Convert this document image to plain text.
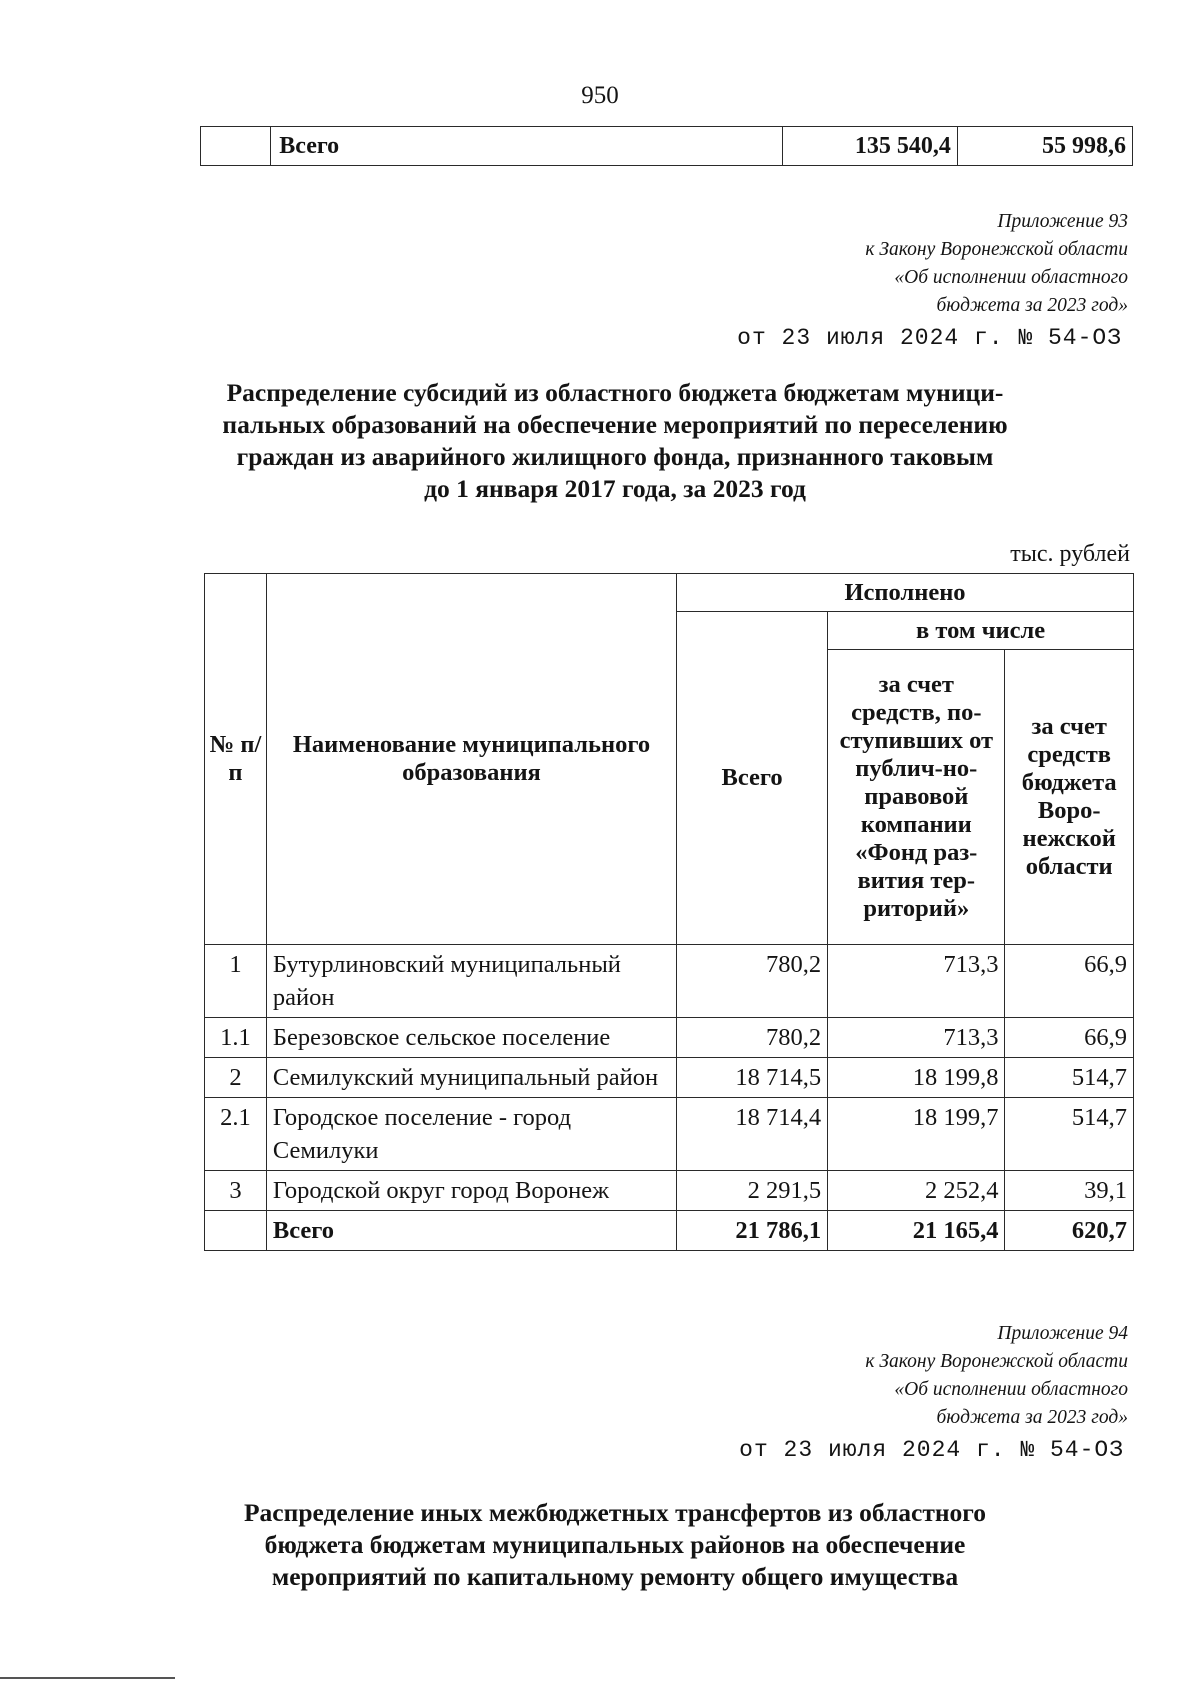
950
	Всего	135 540,4	55 998,6
Приложение 93
к Закону Воронежской области
«Об исполнении областного
бюджета за 2023 год»
от 23 июля 2024 г. № 54-ОЗ
Распределение субсидий из областного бюджета бюджетам муници-
пальных образований на обеспечение мероприятий по переселению
граждан из аварийного жилищного фонда, признанного таковым
до 1 января 2017 года, за 2023 год
тыс. рублей
№ п/п	Наименование муниципального образования	Исполнено		
		Всего	в том числе	
			за счет средств, по-ступивших от публич-но-правовой компании «Фонд раз-вития тер-риторий»	за счет средств бюджета Воро-нежской области
1	Бутурлиновский муниципальный район	780,2	713,3	66,9
1.1	Березовское сельское поселение	780,2	713,3	66,9
2	Семилукский муниципальный район	18 714,5	18 199,8	514,7
2.1	Городское поселение - город Семилуки	18 714,4	18 199,7	514,7
3	Городской округ город Воронеж	2 291,5	2 252,4	39,1
	Всего	21 786,1	21 165,4	620,7
Приложение 94
к Закону Воронежской области
«Об исполнении областного
бюджета за 2023 год»
от 23 июля 2024 г. № 54-ОЗ
Распределение иных межбюджетных трансфертов из областного
бюджета бюджетам муниципальных районов на обеспечение
мероприятий по капитальному ремонту общего имущества
